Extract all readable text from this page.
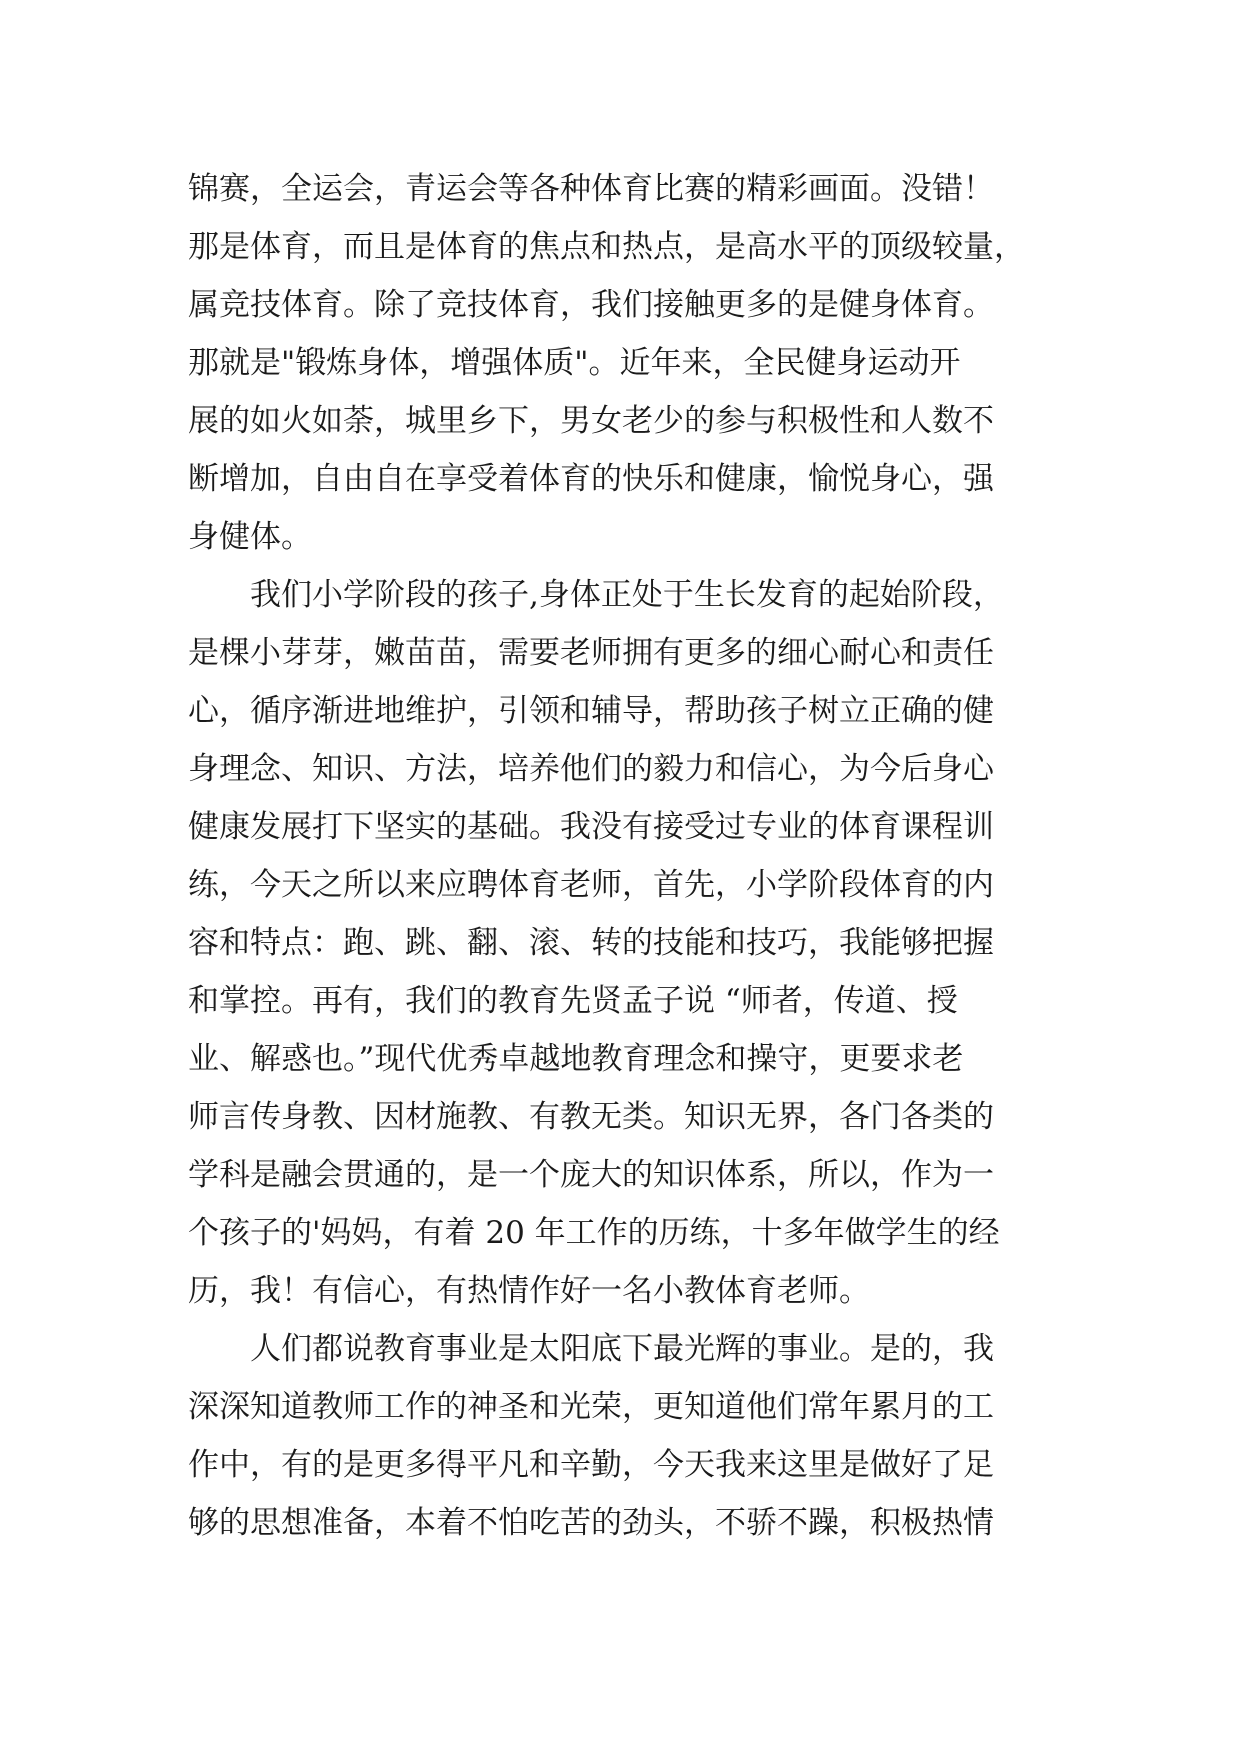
锦赛，全运会，青运会等各种体育比赛的精彩画面。没错！
那是体育，而且是体育的焦点和热点，是高水平的顶级较量，
属竞技体育。除了竞技体育，我们接触更多的是健身体育。
那就是"锻炼身体，增强体质"。近年来，全民健身运动开
展的如火如荼，城里乡下，男女老少的参与积极性和人数不
断增加，自由自在享受着体育的快乐和健康，愉悦身心，强
身健体。
　　我们小学阶段的孩子,身体正处于生长发育的起始阶段，
是棵小芽芽，嫩苗苗，需要老师拥有更多的细心耐心和责任
心，循序渐进地维护，引领和辅导，帮助孩子树立正确的健
身理念、知识、方法，培养他们的毅力和信心，为今后身心
健康发展打下坚实的基础。我没有接受过专业的体育课程训
练，今天之所以来应聘体育老师，首先，小学阶段体育的内
容和特点：跑、跳、翻、滚、转的技能和技巧，我能够把握
和掌控。再有，我们的教育先贤孟子说 “师者，传道、授
业、解惑也。”现代优秀卓越地教育理念和操守，更要求老
师言传身教、因材施教、有教无类。知识无界，各门各类的
学科是融会贯通的，是一个庞大的知识体系，所以，作为一
个孩子的'妈妈，有着 20 年工作的历练，十多年做学生的经
历，我！有信心，有热情作好一名小教体育老师。
　　人们都说教育事业是太阳底下最光辉的事业。是的，我
深深知道教师工作的神圣和光荣，更知道他们常年累月的工
作中，有的是更多得平凡和辛勤，今天我来这里是做好了足
够的思想准备，本着不怕吃苦的劲头，不骄不躁，积极热情
